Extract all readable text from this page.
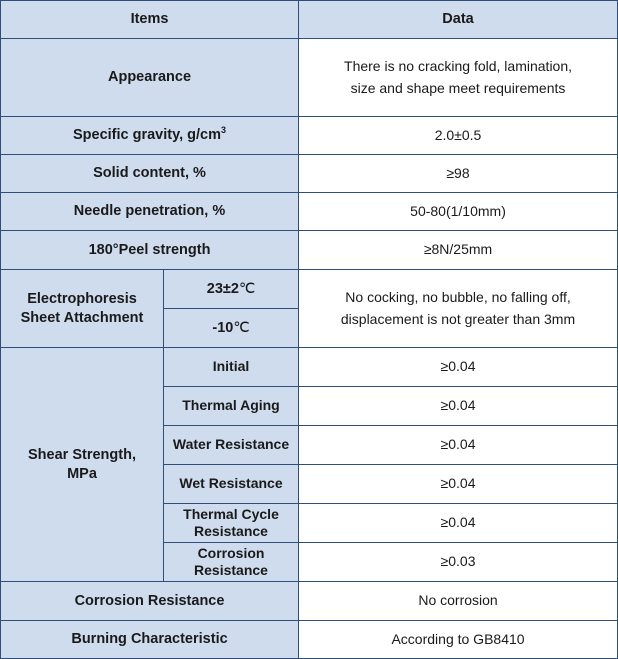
Items		Data
Appearance		There is no cracking fold, lamination,
size and shape meet requirements
Specific gravity, $g/cm^3$		2.0±0.5
Solid content, %		≥98
Needle penetration, %		50-80(1/10mm)
180°Peel strength		≥8N/25mm
Electrophoresis
Sheet Attachment	23±2℃	No cocking, no bubble, no falling off,
displacement is not greater than 3mm
	-10℃	
Shear Strength,
MPa	Initial	≥0.04
	Thermal Aging	≥0.04
	Water Resistance	≥0.04
	Wet Resistance	≥0.04
	Thermal Cycle
Resistance	≥0.04
	Corrosion
Resistance	≥0.03
Corrosion Resistance		No corrosion
Burning Characteristic		According to GB8410
